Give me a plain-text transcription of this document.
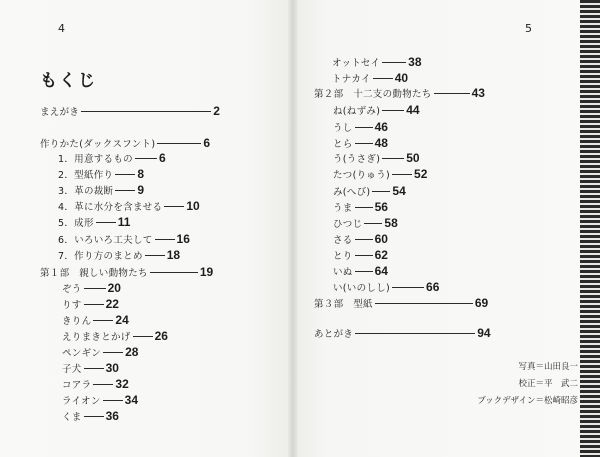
4
もくじ
まえがき	2
作りかた(ダックスフント)	6
1．用意するもの 6
2．型紙作り 8
3．革の裁断 9
4．革に水分を含ませる 10
5．成形 11
6．いろいろ工夫して 16
7．作り方のまとめ 18
第１部　親しい動物たち	19
ぞう 20
りす 22
きりん 24
えりまきとかげ 26
ペンギン 28
子犬 30
コアラ 32
ライオン 34
くま 36
5
オットセイ 38
トナカイ 40
第２部　十二支の動物たち	43
ね(ねずみ) 44
うし 46
とら 48
う(うさぎ) 50
たつ(りゅう) 52
み(へび) 54
うま 56
ひつじ 58
さる 60
とり 62
いぬ 64
い(いのしし)	66
第３部　型紙	69
あとがき	94
写真＝山田良一
校正＝平　武二
ブックデザイン＝松崎昭彦
